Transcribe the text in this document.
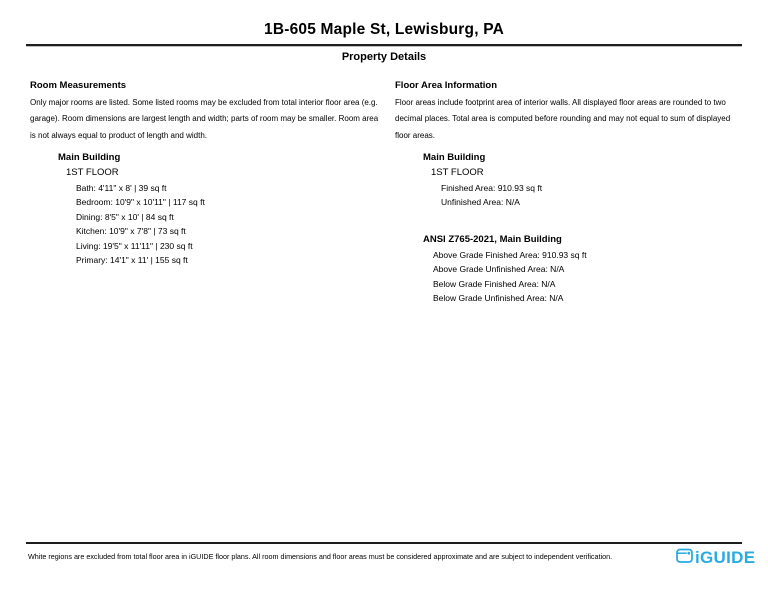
1B-605 Maple St, Lewisburg, PA
Property Details
Room Measurements

Only major rooms are listed. Some listed rooms may be excluded from total interior floor area (e.g. garage). Room dimensions are largest length and width; parts of room may be smaller. Room area is not always equal to product of length and width.

Main Building
1ST FLOOR
Bath: 4'11" x 8' | 39 sq ft
Bedroom: 10'9" x 10'11" | 117 sq ft
Dining: 8'5" x 10' | 84 sq ft
Kitchen: 10'9" x 7'8" | 73 sq ft
Living: 19'5" x 11'11" | 230 sq ft
Primary: 14'1" x 11' | 155 sq ft
Floor Area Information

Floor areas include footprint area of interior walls. All displayed floor areas are rounded to two decimal places. Total area is computed before rounding and may not equal to sum of displayed floor areas.

Main Building
1ST FLOOR
Finished Area: 910.93 sq ft
Unfinished Area: N/A
ANSI Z765-2021, Main Building
Above Grade Finished Area: 910.93 sq ft
Above Grade Unfinished Area: N/A
Below Grade Finished Area: N/A
Below Grade Unfinished Area: N/A
White regions are excluded from total floor area in iGUIDE floor plans. All room dimensions and floor areas must be considered approximate and are subject to independent verification.	iGUIDE
